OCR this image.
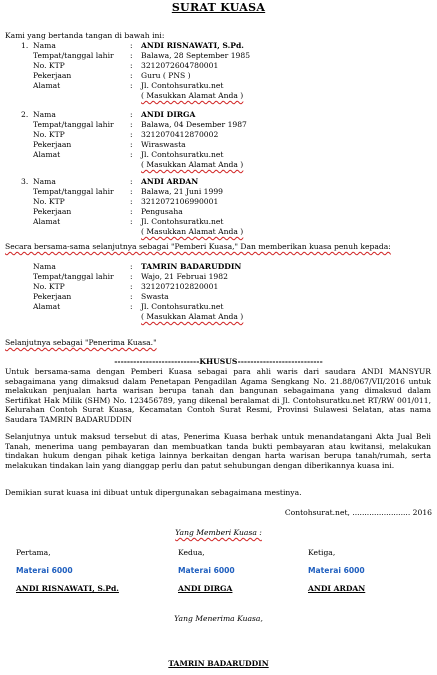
SURAT KUASA
Kami yang bertanda tangan di bawah ini:
1. Nama	: ANDI RISNAWATI, S.Pd.
Tempat/tanggal lahir : Balawa, 28 September 1985
No. KTP	: 3212072604780001
Pekerjaan	: Guru ( PNS )
Alamat	: Jl. Contohsuratku.net
( Masukkan Alamat Anda )
2. Nama	: ANDI DIRGA
Tempat/tanggal lahir : Balawa, 04 Desember 1987
No. KTP	: 3212070412870002
Pekerjaan	: Wiraswasta
Alamat	: Jl. Contohsuratku.net
( Masukkan Alamat Anda )
3. Nama	: ANDI ARDAN
Tempat/tanggal lahir : Balawa, 21 Juni 1999
No. KTP	: 3212072106990001
Pekerjaan	: Pengusaha
Alamat	: Jl. Contohsuratku.net
( Masukkan Alamat Anda )
Secara bersama-sama selanjutnya sebagai "Pemberi Kuasa," Dan memberikan kuasa penuh kepada:
Nama	: TAMRIN BADARUDDIN
Tempat/tanggal lahir : Wajo, 21 Februai 1982
No. KTP	: 3212072102820001
Pekerjaan	: Swasta
Alamat	: Jl. Contohsuratku.net
( Masukkan Alamat Anda )
Selanjutnya sebagai "Penerima Kuasa."
---------------------------KHUSUS---------------------------
Untuk bersama-sama dengan Pemberi Kuasa sebagai para ahli waris dari saudara ANDI MANSYUR sebagaimana yang dimaksud dalam Penetapan Pengadilan Agama Sengkang No. 21.88/067/VII/2016 untuk melakukan penjualan harta warisan berupa tanah dan bangunan sebagaimana yang dimaksud dalam Sertifikat Hak Milik (SHM) No. 123456789, yang dikenal beralamat di Jl. Contohsuratku.net RT/RW 001/011, Kelurahan Contoh Surat Kuasa, Kecamatan Contoh Surat Resmi, Provinsi Sulawesi Selatan, atas nama Saudara TAMRIN BADARUDDIN
Selanjutnya untuk maksud tersebut di atas, Penerima Kuasa berhak untuk menandatangani Akta Jual Beli Tanah, menerima uang pembayaran dan membuatkan tanda bukti pembayaran atau kwitansi, melakukan tindakan hukum dengan pihak ketiga lainnya berkaitan dengan harta warisan berupa tanah/rumah, serta melakukan tindakan lain yang dianggap perlu dan patut sehubungan dengan diberikannya kuasa ini.
Demikian surat kuasa ini dibuat untuk dipergunakan sebagaimana mestinya.
Contohsurat.net, ........................ 2016
Yang Memberi Kuasa :
Pertama,
Materai 6000
ANDI RISNAWATI, S.Pd.
Kedua,
Materai 6000
ANDI DIRGA
Ketiga,
Materai 6000
ANDI ARDAN
Yang Menerima Kuasa,
TAMRIN BADARUDDIN
